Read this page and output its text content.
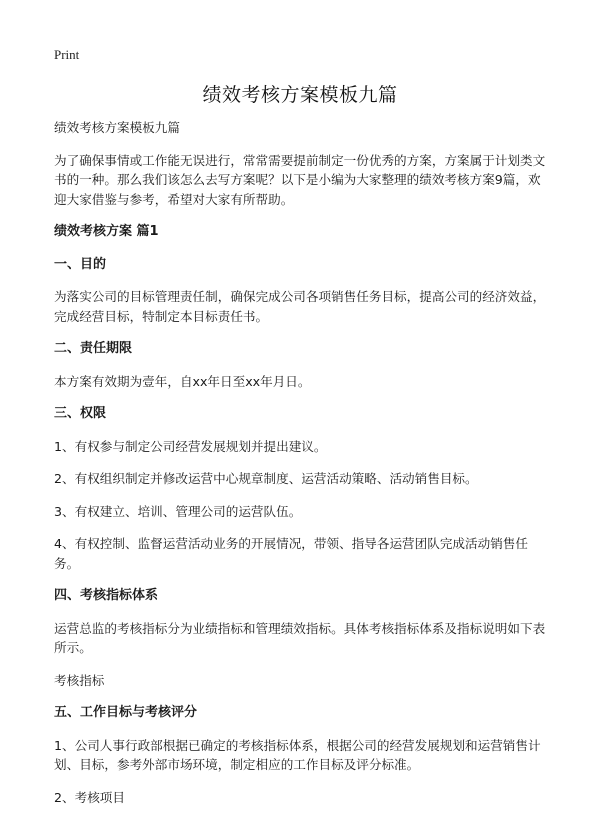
Print
绩效考核方案模板九篇

绩效考核方案模板九篇

为了确保事情或工作能无误进行，常常需要提前制定一份优秀的方案，方案属于计划类文书的一种。那么我们该怎么去写方案呢？以下是小编为大家整理的绩效考核方案9篇，欢迎大家借鉴与参考，希望对大家有所帮助。

绩效考核方案 篇1
一、目的

为落实公司的目标管理责任制，确保完成公司各项销售任务目标，提高公司的经济效益，完成经营目标，特制定本目标责任书。

二、责任期限

本方案有效期为壹年，自xx年日至xx年月日。

三、权限

1、有权参与制定公司经营发展规划并提出建议。

2、有权组织制定并修改运营中心规章制度、运营活动策略、活动销售目标。

3、有权建立、培训、管理公司的运营队伍。

4、有权控制、监督运营活动业务的开展情况，带领、指导各运营团队完成活动销售任务。

四、考核指标体系

运营总监的考核指标分为业绩指标和管理绩效指标。具体考核指标体系及指标说明如下表所示。

考核指标

五、工作目标与考核评分

1、公司人事行政部根据已确定的考核指标体系，根据公司的经营发展规划和运营销售计划、目标，参考外部市场环境，制定相应的工作目标及评分标准。

2、考核项目
